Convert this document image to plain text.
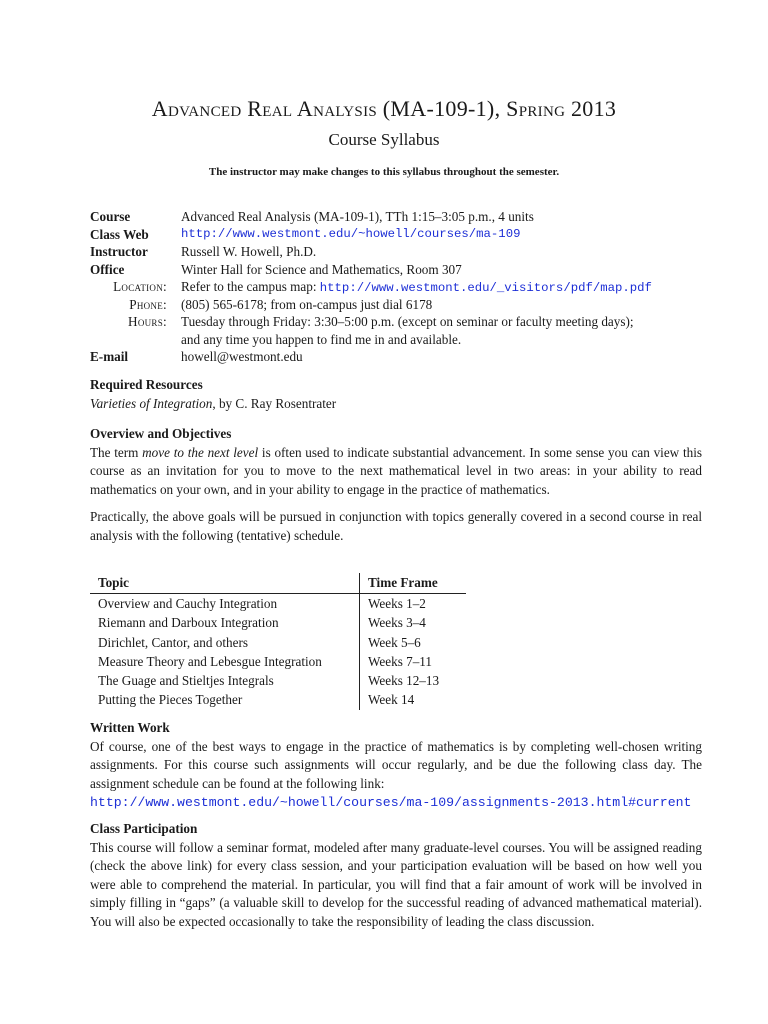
Advanced Real Analysis (MA-109-1), Spring 2013
Course Syllabus
The instructor may make changes to this syllabus throughout the semester.
Course	Advanced Real Analysis (MA-109-1), TTh 1:15–3:05 p.m., 4 units
Class Web	http://www.westmont.edu/~howell/courses/ma-109
Instructor	Russell W. Howell, Ph.D.
Office	Winter Hall for Science and Mathematics, Room 307
Location:	Refer to the campus map: http://www.westmont.edu/_visitors/pdf/map.pdf
Phone:	(805) 565-6178; from on-campus just dial 6178
Hours:	Tuesday through Friday: 3:30–5:00 p.m. (except on seminar or faculty meeting days);
and any time you happen to find me in and available.
E-mail	howell@westmont.edu
Required Resources

Varieties of Integration, by C. Ray Rosentrater

Overview and Objectives

The term move to the next level is often used to indicate substantial advancement. In some sense you can view this course as an invitation for you to move to the next mathematical level in two areas: in your ability to read mathematics on your own, and in your ability to engage in the practice of mathematics.

Practically, the above goals will be pursued in conjunction with topics generally covered in a second course in real analysis with the following (tentative) schedule.

Topic	Time Frame
Overview and Cauchy Integration	Weeks 1–2
Riemann and Darboux Integration	Weeks 3–4
Dirichlet, Cantor, and others	Week 5–6
Measure Theory and Lebesgue Integration	Weeks 7–11
The Guage and Stieltjes Integrals	Weeks 12–13
Putting the Pieces Together	Week 14
Written Work

Of course, one of the best ways to engage in the practice of mathematics is by completing well-chosen writing assignments. For this course such assignments will occur regularly, and be due the following class day. The assignment schedule can be found at the following link:

http://www.westmont.edu/~howell/courses/ma-109/assignments-2013.html#current

Class Participation

This course will follow a seminar format, modeled after many graduate-level courses. You will be assigned reading (check the above link) for every class session, and your participation evaluation will be based on how well you were able to comprehend the material. In particular, you will find that a fair amount of work will be involved in simply filling in “gaps” (a valuable skill to develop for the successful reading of advanced mathematical material). You will also be expected occasionally to take the responsibility of leading the class discussion.
